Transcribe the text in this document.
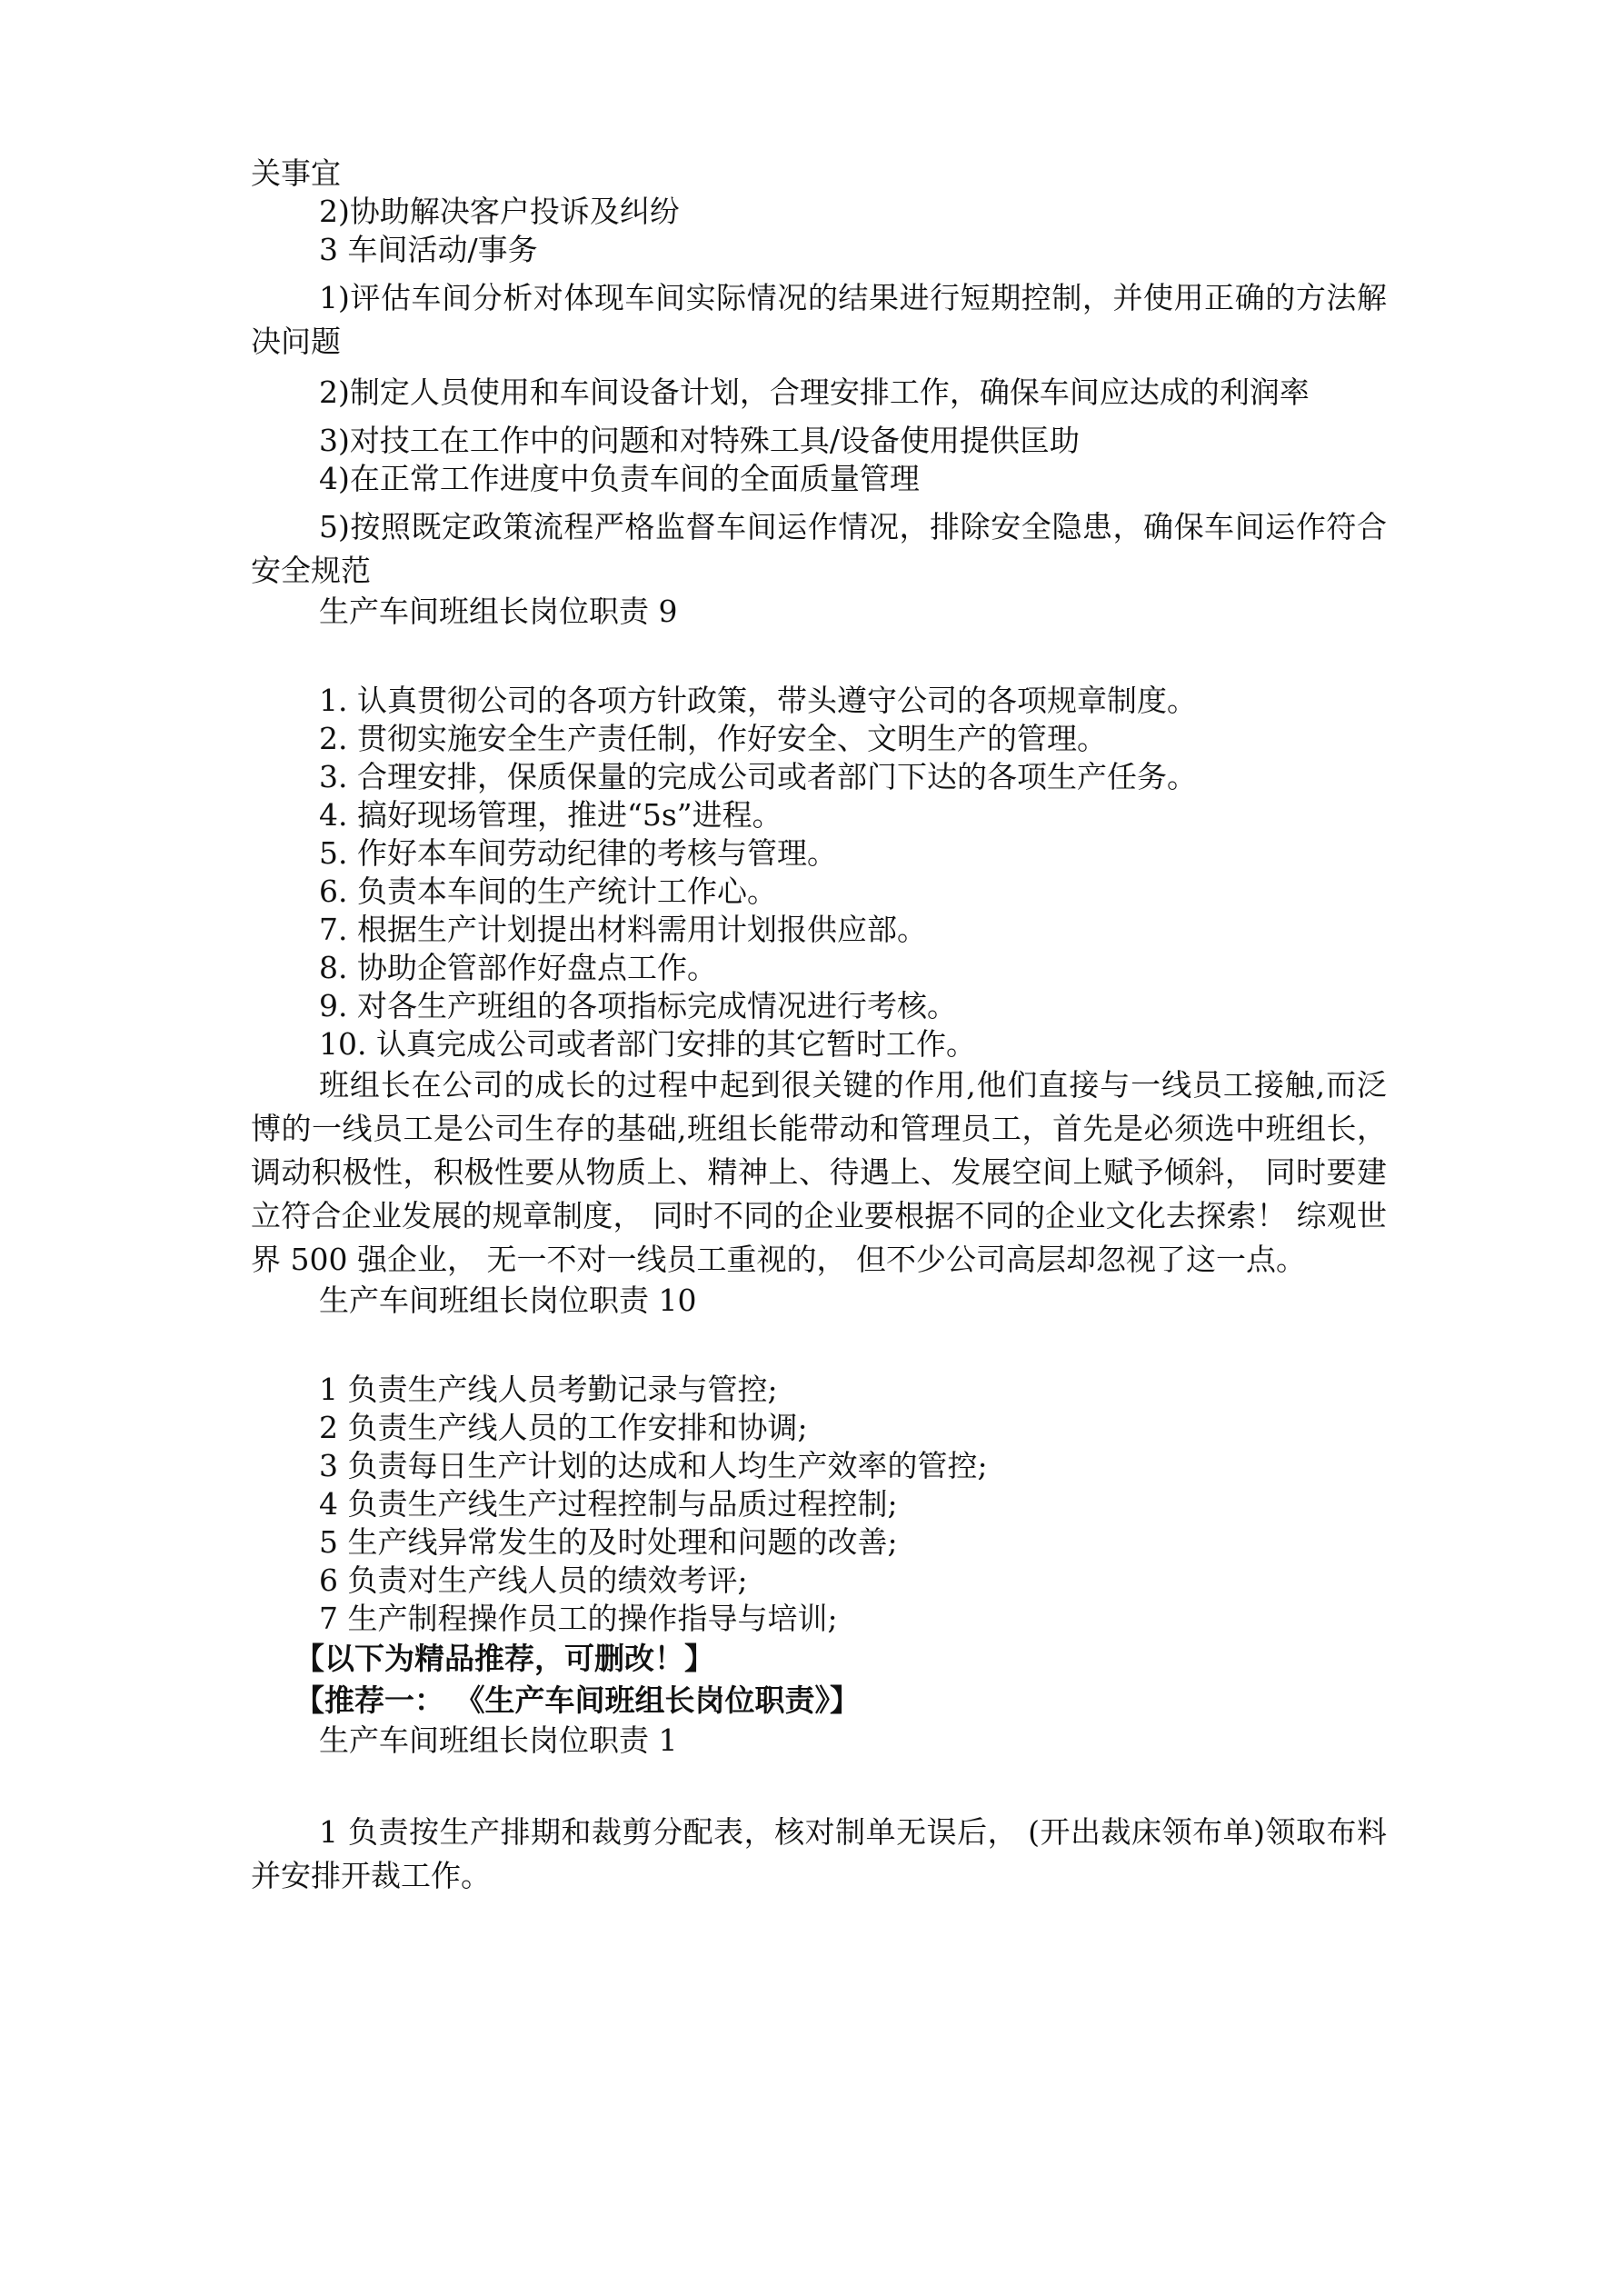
关事宜

2)协助解决客户投诉及纠纷

3 车间活动/事务

1)评估车间分析对体现车间实际情况的结果进行短期控制，并使用正确的方法解决问题

2)制定人员使用和车间设备计划，合理安排工作，确保车间应达成的利润率

3)对技工在工作中的问题和对特殊工具/设备使用提供匡助

4)在正常工作进度中负责车间的全面质量管理

5)按照既定政策流程严格监督车间运作情况，排除安全隐患，确保车间运作符合安全规范

生产车间班组长岗位职责 9

1. 认真贯彻公司的各项方针政策，带头遵守公司的各项规章制度。
2. 贯彻实施安全生产责任制，作好安全、文明生产的管理。
3. 合理安排，保质保量的完成公司或者部门下达的各项生产任务。
4. 搞好现场管理，推进“5s”进程。
5. 作好本车间劳动纪律的考核与管理。
6. 负责本车间的生产统计工作心。
7. 根据生产计划提出材料需用计划报供应部。
8. 协助企管部作好盘点工作。
9. 对各生产班组的各项指标完成情况进行考核。
10. 认真完成公司或者部门安排的其它暂时工作。

班组长在公司的成长的过程中起到很关键的作用,他们直接与一线员工接触,而泛博的一线员工是公司生存的基础,班组长能带动和管理员工，首先是必须选中班组长，调动积极性，积极性要从物质上、精神上、待遇上、发展空间上赋予倾斜， 同时要建立符合企业发展的规章制度， 同时不同的企业要根据不同的企业文化去探索！ 综观世界 500 强企业， 无一不对一线员工重视的， 但不少公司高层却忽视了这一点。

生产车间班组长岗位职责 10

1 负责生产线人员考勤记录与管控;
2 负责生产线人员的工作安排和协调;
3 负责每日生产计划的达成和人均生产效率的管控;
4 负责生产线生产过程控制与品质过程控制;
5 生产线异常发生的及时处理和问题的改善;
6 负责对生产线人员的绩效考评;
7 生产制程操作员工的操作指导与培训;

【以下为精品推荐，可删改！】

【推荐一： 《生产车间班组长岗位职责》】

生产车间班组长岗位职责 1

1 负责按生产排期和裁剪分配表，核对制单无误后， (开出裁床领布单)领取布料并安排开裁工作。
